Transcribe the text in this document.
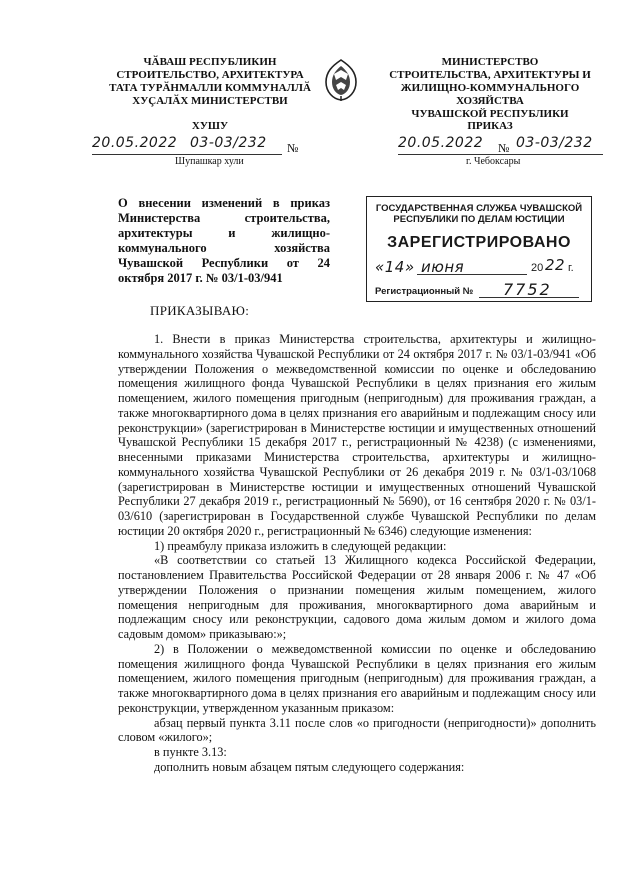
ЧӐВАШ РЕСПУБЛИКИН
СТРОИТЕЛЬСТВО, АРХИТЕКТУРА
ТАТА ТУРӐНМАЛЛИ КОММУНАЛЛӐ
ХУҪАЛӐХ МИНИСТЕРСТВИ
ХУШУ
МИНИСТЕРСТВО
СТРОИТЕЛЬСТВА, АРХИТЕКТУРЫ И
ЖИЛИЩНО-КОММУНАЛЬНОГО ХОЗЯЙСТВА
ЧУВАШСКОЙ РЕСПУБЛИКИ
ПРИКАЗ
20.05.2022 03-03/232 №
Шупашкар хули
20.05.2022 № 03-03/232
г. Чебоксары
О внесении изменений в приказ Министерства строительства, архитектуры и жилищно-коммунального хозяйства Чувашской Республики от 24 октября 2017 г. № 03/1-03/941
ГОСУДАРСТВЕННАЯ СЛУЖБА ЧУВАШСКОЙ
РЕСПУБЛИКИ ПО ДЕЛАМ ЮСТИЦИИ
ЗАРЕГИСТРИРОВАНО
«14» июня	20 22 г.
Регистрационный № 7752
ПРИКАЗЫВАЮ:

1. Внести в приказ Министерства строительства, архитектуры и жилищно-коммунального хозяйства Чувашской Республики от 24 октября 2017 г. № 03/1-03/941 «Об утверждении Положения о межведомственной комиссии по оценке и обследованию помещения жилищного фонда Чувашской Республики в целях признания его жилым помещением, жилого помещения пригодным (непригодным) для проживания граждан, а также многоквартирного дома в целях признания его аварийным и подлежащим сносу или реконструкции» (зарегистрирован в Министерстве юстиции и имущественных отношений Чувашской Республики 15 декабря 2017 г., регистрационный № 4238) (с изменениями, внесенными приказами Министерства строительства, архитектуры и жилищно-коммунального хозяйства Чувашской Республики от 26 декабря 2019 г. № 03/1-03/1068 (зарегистрирован в Министерстве юстиции и имущественных отношений Чувашской Республики 27 декабря 2019 г., регистрационный № 5690), от 16 сентября 2020 г. № 03/1-03/610 (зарегистрирован в Государственной службе Чувашской Республики по делам юстиции 20 октября 2020 г., регистрационный № 6346) следующие изменения:

1) преамбулу приказа изложить в следующей редакции:

«В соответствии со статьей 13 Жилищного кодекса Российской Федерации, постановлением Правительства Российской Федерации от 28 января 2006 г. № 47 «Об утверждении Положения о признании помещения жилым помещением, жилого помещения непригодным для проживания, многоквартирного дома аварийным и подлежащим сносу или реконструкции, садового дома жилым домом и жилого дома садовым домом» приказываю:»;

2) в Положении о межведомственной комиссии по оценке и обследованию помещения жилищного фонда Чувашской Республики в целях признания его жилым помещением, жилого помещения пригодным (непригодным) для проживания граждан, а также многоквартирного дома в целях признания его аварийным и подлежащим сносу или реконструкции, утвержденном указанным приказом:

абзац первый пункта 3.11 после слов «о пригодности (непригодности)» дополнить словом «жилого»;

в пункте 3.13:

дополнить новым абзацем пятым следующего содержания:
